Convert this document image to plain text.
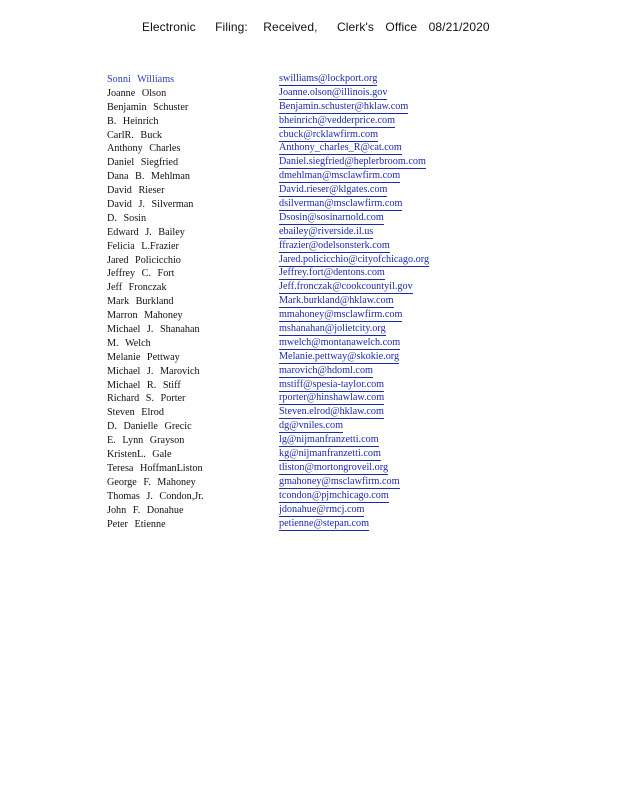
Electronic Filing: Received, Clerk's Office 08/21/2020
Sonni Williams	swilliams@lockport.org
Joanne Olson	Joanne.olson@illinois.gov
Benjamin Schuster	Benjamin.schuster@hklaw.com
B. Heinrich	bheinrich@vedderprice.com
CarlR. Buck	cbuck@rcklawfirm.com
Anthony Charles	Anthony_charles_R@cat.com
Daniel Siegfried	Daniel.siegfried@heplerbroom.com
Dana B. Mehlman	dmehlman@msclawfirm.com
David Rieser	David.rieser@klgates.com
David J. Silverman	dsilverman@msclawfirm.com
D. Sosin	Dsosin@sosinarnold.com
Edward J. Bailey	ebailey@riverside.il.us
Felicia L.Frazier	ffrazier@odelsonsterk.com
Jared Policicchio	Jared.policicchio@cityofchicago.org
Jeffrey C. Fort	Jeffrey.fort@dentons.com
Jeff Fronczak	Jeff.fronczak@cookcountyil.gov
Mark Burkland	Mark.burkland@hklaw.com
Marron Mahoney	mmahoney@msclawfirm.com
Michael J. Shanahan	mshanahan@jolietcity.org
M. Welch	mwelch@montanawelch.com
Melanie Pettway	Melanie.pettway@skokie.org
Michael J. Marovich	marovich@hdoml.com
Michael R. Stiff	mstiff@spesia-taylor.com
Richard S. Porter	rporter@hinshawlaw.com
Steven Elrod	Steven.elrod@hklaw.com
D. Danielle Grecic	dg@vniles.com
E. Lynn Grayson	lg@nijmanfranzetti.com
KristenL. Gale	kg@nijmanfranzetti.com
Teresa HoffmanListon	tliston@mortongroveil.org
George F. Mahoney	gmahoney@msclawfirm.com
Thomas J. Condon,Jr.	tcondon@pjmchicago.com
John F. Donahue	jdonahue@rmcj.com
Peter Etienne	petienne@stepan.com
